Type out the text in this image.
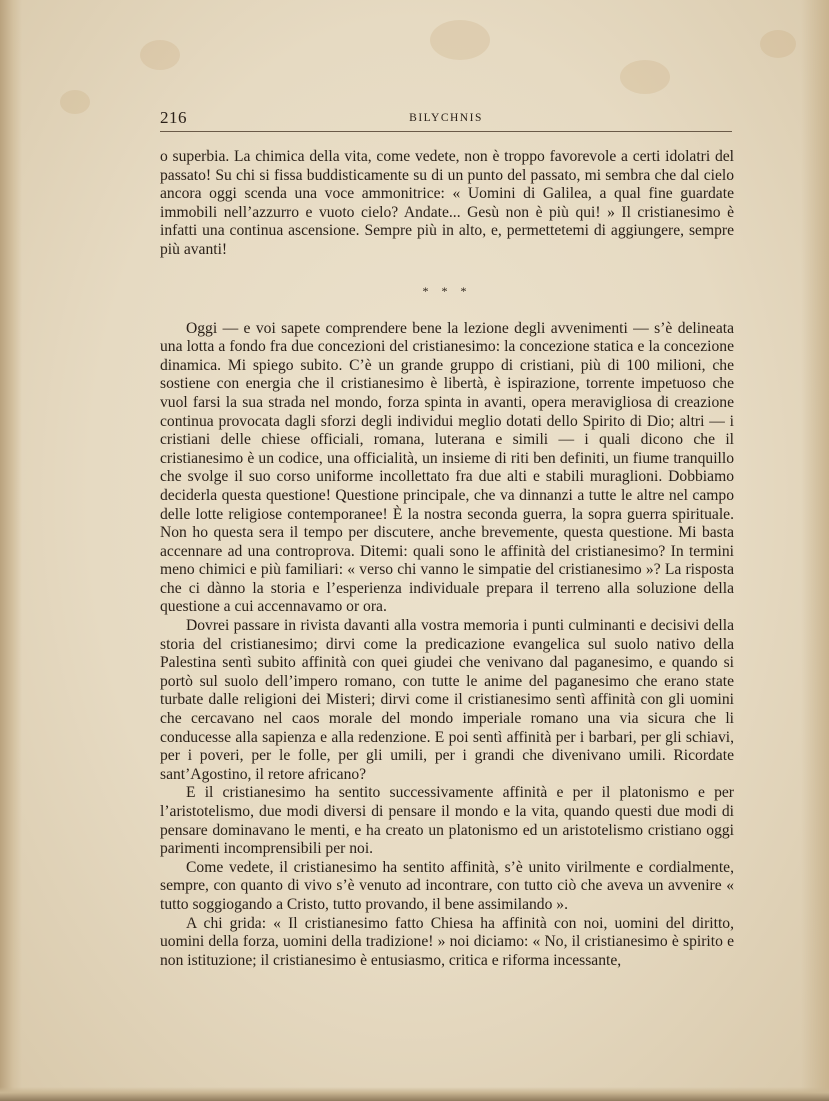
216	BILYCHNIS

o superbia. La chimica della vita, come vedete, non è troppo favorevole a certi idolatri del passato! Su chi si fissa buddisticamente su di un punto del passato, mi sembra che dal cielo ancora oggi scenda una voce ammonitrice: « Uomini di Galilea, a qual fine guardate immobili nell’azzurro e vuoto cielo? Andate... Gesù non è più qui! » Il cristianesimo è infatti una continua ascensione. Sempre più in alto, e, permettetemi di aggiungere, sempre più avanti!

* * *

Oggi — e voi sapete comprendere bene la lezione degli avvenimenti — s’è delineata una lotta a fondo fra due concezioni del cristianesimo: la concezione statica e la concezione dinamica. Mi spiego subito. C’è un grande gruppo di cristiani, più di 100 milioni, che sostiene con energia che il cristianesimo è libertà, è ispirazione, torrente impetuoso che vuol farsi la sua strada nel mondo, forza spinta in avanti, opera meravigliosa di creazione continua provocata dagli sforzi degli individui meglio dotati dello Spirito di Dio; altri — i cristiani delle chiese officiali, romana, luterana e simili — i quali dicono che il cristianesimo è un codice, una officialità, un insieme di riti ben definiti, un fiume tranquillo che svolge il suo corso uniforme incollettato fra due alti e stabili muraglioni. Dobbiamo deciderla questa questione! Questione principale, che va dinnanzi a tutte le altre nel campo delle lotte religiose contemporanee! È la nostra seconda guerra, la sopra guerra spirituale. Non ho questa sera il tempo per discutere, anche brevemente, questa questione. Mi basta accennare ad una controprova. Ditemi: quali sono le affinità del cristianesimo? In termini meno chimici e più familiari: « verso chi vanno le simpatie del cristianesimo »? La risposta che ci dànno la storia e l’esperienza individuale prepara il terreno alla soluzione della questione a cui accennavamo or ora.

Dovrei passare in rivista davanti alla vostra memoria i punti culminanti e decisivi della storia del cristianesimo; dirvi come la predicazione evangelica sul suolo nativo della Palestina sentì subito affinità con quei giudei che venivano dal paganesimo, e quando si portò sul suolo dell’impero romano, con tutte le anime del paganesimo che erano state turbate dalle religioni dei Misteri; dirvi come il cristianesimo sentì affinità con gli uomini che cercavano nel caos morale del mondo imperiale romano una via sicura che li conducesse alla sapienza e alla redenzione. E poi sentì affinità per i barbari, per gli schiavi, per i poveri, per le folle, per gli umili, per i grandi che divenivano umili. Ricordate sant’Agostino, il retore africano?

E il cristianesimo ha sentito successivamente affinità e per il platonismo e per l’aristotelismo, due modi diversi di pensare il mondo e la vita, quando questi due modi di pensare dominavano le menti, e ha creato un platonismo ed un aristotelismo cristiano oggi parimenti incomprensibili per noi.

Come vedete, il cristianesimo ha sentito affinità, s’è unito virilmente e cordialmente, sempre, con quanto di vivo s’è venuto ad incontrare, con tutto ciò che aveva un avvenire « tutto soggiogando a Cristo, tutto provando, il bene assimilando ».

A chi grida: « Il cristianesimo fatto Chiesa ha affinità con noi, uomini del diritto, uomini della forza, uomini della tradizione! » noi diciamo: « No, il cristianesimo è spirito e non istituzione; il cristianesimo è entusiasmo, critica e riforma incessante,
